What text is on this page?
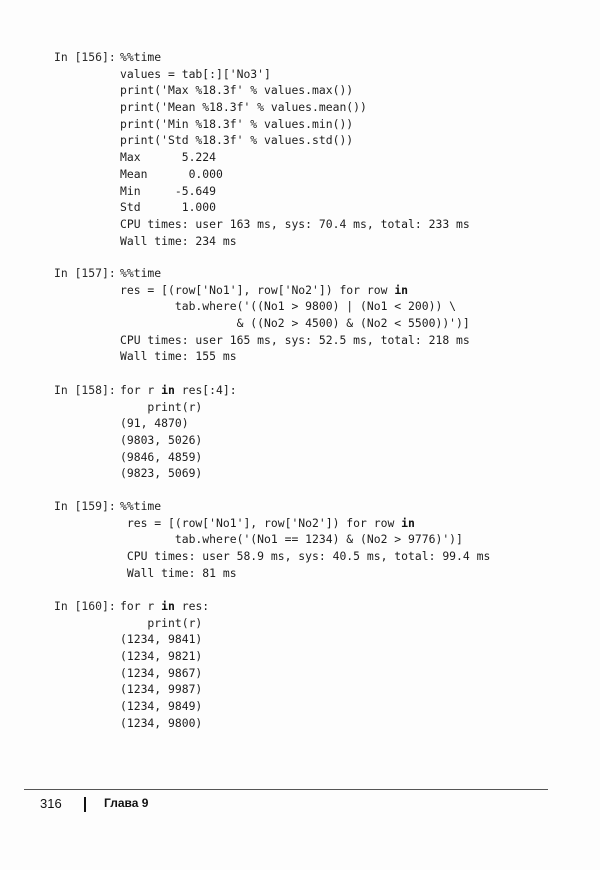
In [156]: %%time
values = tab[:]['No3']
print('Max %18.3f' % values.max())
print('Mean %18.3f' % values.mean())
print('Min %18.3f' % values.min())
print('Std %18.3f' % values.std())
Max      5.224
Mean      0.000
Min     -5.649
Std      1.000
CPU times: user 163 ms, sys: 70.4 ms, total: 233 ms
Wall time: 234 ms
In [157]: %%time
res = [(row['No1'], row['No2']) for row in
tab.where('((No1 > 9800) | (No1 < 200)) \
& ((No2 > 4500) & (No2 < 5500))')]
CPU times: user 165 ms, sys: 52.5 ms, total: 218 ms
Wall time: 155 ms
In [158]: for r in res[:4]:
print(r)
(91, 4870)
(9803, 5026)
(9846, 4859)
(9823, 5069)
In [159]: %%time
res = [(row['No1'], row['No2']) for row in
tab.where('(No1 == 1234) & (No2 > 9776)')]
CPU times: user 58.9 ms, sys: 40.5 ms, total: 99.4 ms
Wall time: 81 ms
In [160]: for r in res:
print(r)
(1234, 9841)
(1234, 9821)
(1234, 9867)
(1234, 9987)
(1234, 9849)
(1234, 9800)
316	Глава 9
